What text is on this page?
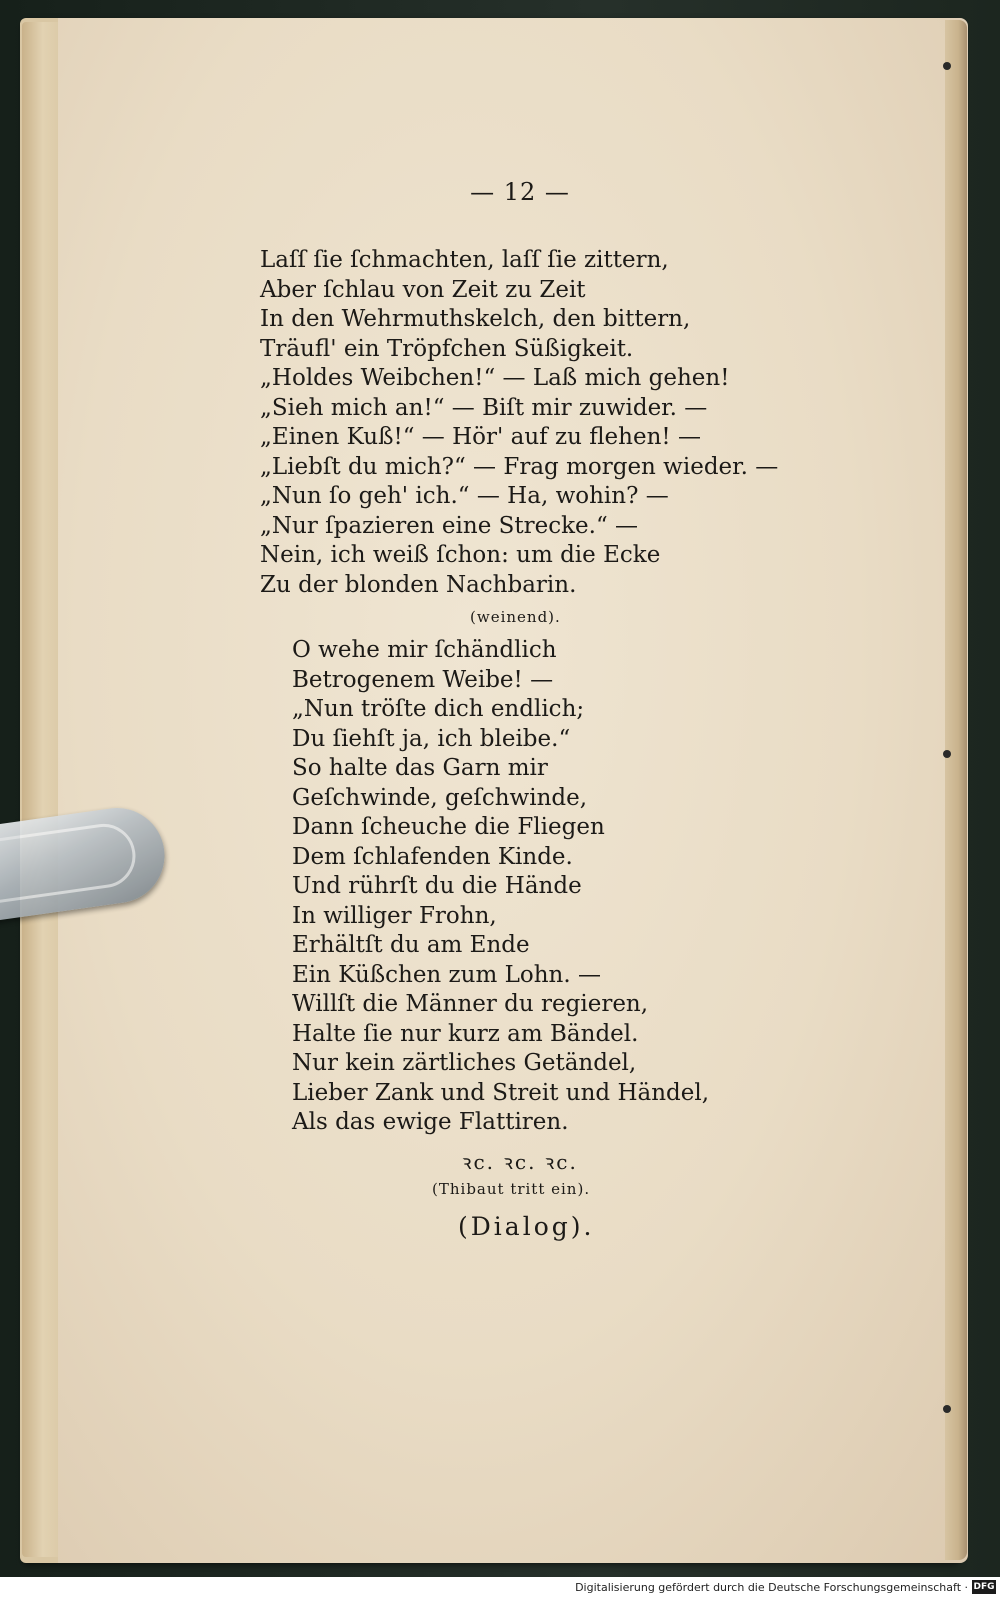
— 12 —
Laſſ ſie ſchmachten, laſſ ſie zittern,
Aber ſchlau von Zeit zu Zeit
In den Wehrmuthskelch, den bittern,
Träufl' ein Tröpfchen Süßigkeit.
„Holdes Weibchen!“ — Laß mich gehen!
„Sieh mich an!“ — Biſt mir zuwider. —
„Einen Kuß!“ — Hör' auf zu flehen! —
„Liebſt du mich?“ — Frag morgen wieder. —
„Nun ſo geh' ich.“ — Ha, wohin? —
„Nur ſpazieren eine Strecke.“ —
Nein, ich weiß ſchon: um die Ecke
Zu der blonden Nachbarin.
(weinend).
O wehe mir ſchändlich
Betrogenem Weibe! —
„Nun tröſte dich endlich;
Du ſiehſt ja, ich bleibe.“
So halte das Garn mir
Geſchwinde, geſchwinde,
Dann ſcheuche die Fliegen
Dem ſchlafenden Kinde.
Und rührſt du die Hände
In williger Frohn,
Erhältſt du am Ende
Ein Küßchen zum Lohn. —
Willſt die Männer du regieren,
Halte ſie nur kurz am Bändel.
Nur kein zärtliches Getändel,
Lieber Zank und Streit und Händel,
Als das ewige Flattiren.
ꝛc. ꝛc. ꝛc.
(Thibaut tritt ein).
(Dialog).
Digitalisierung gefördert durch die Deutsche Forschungsgemeinschaft · DFG
